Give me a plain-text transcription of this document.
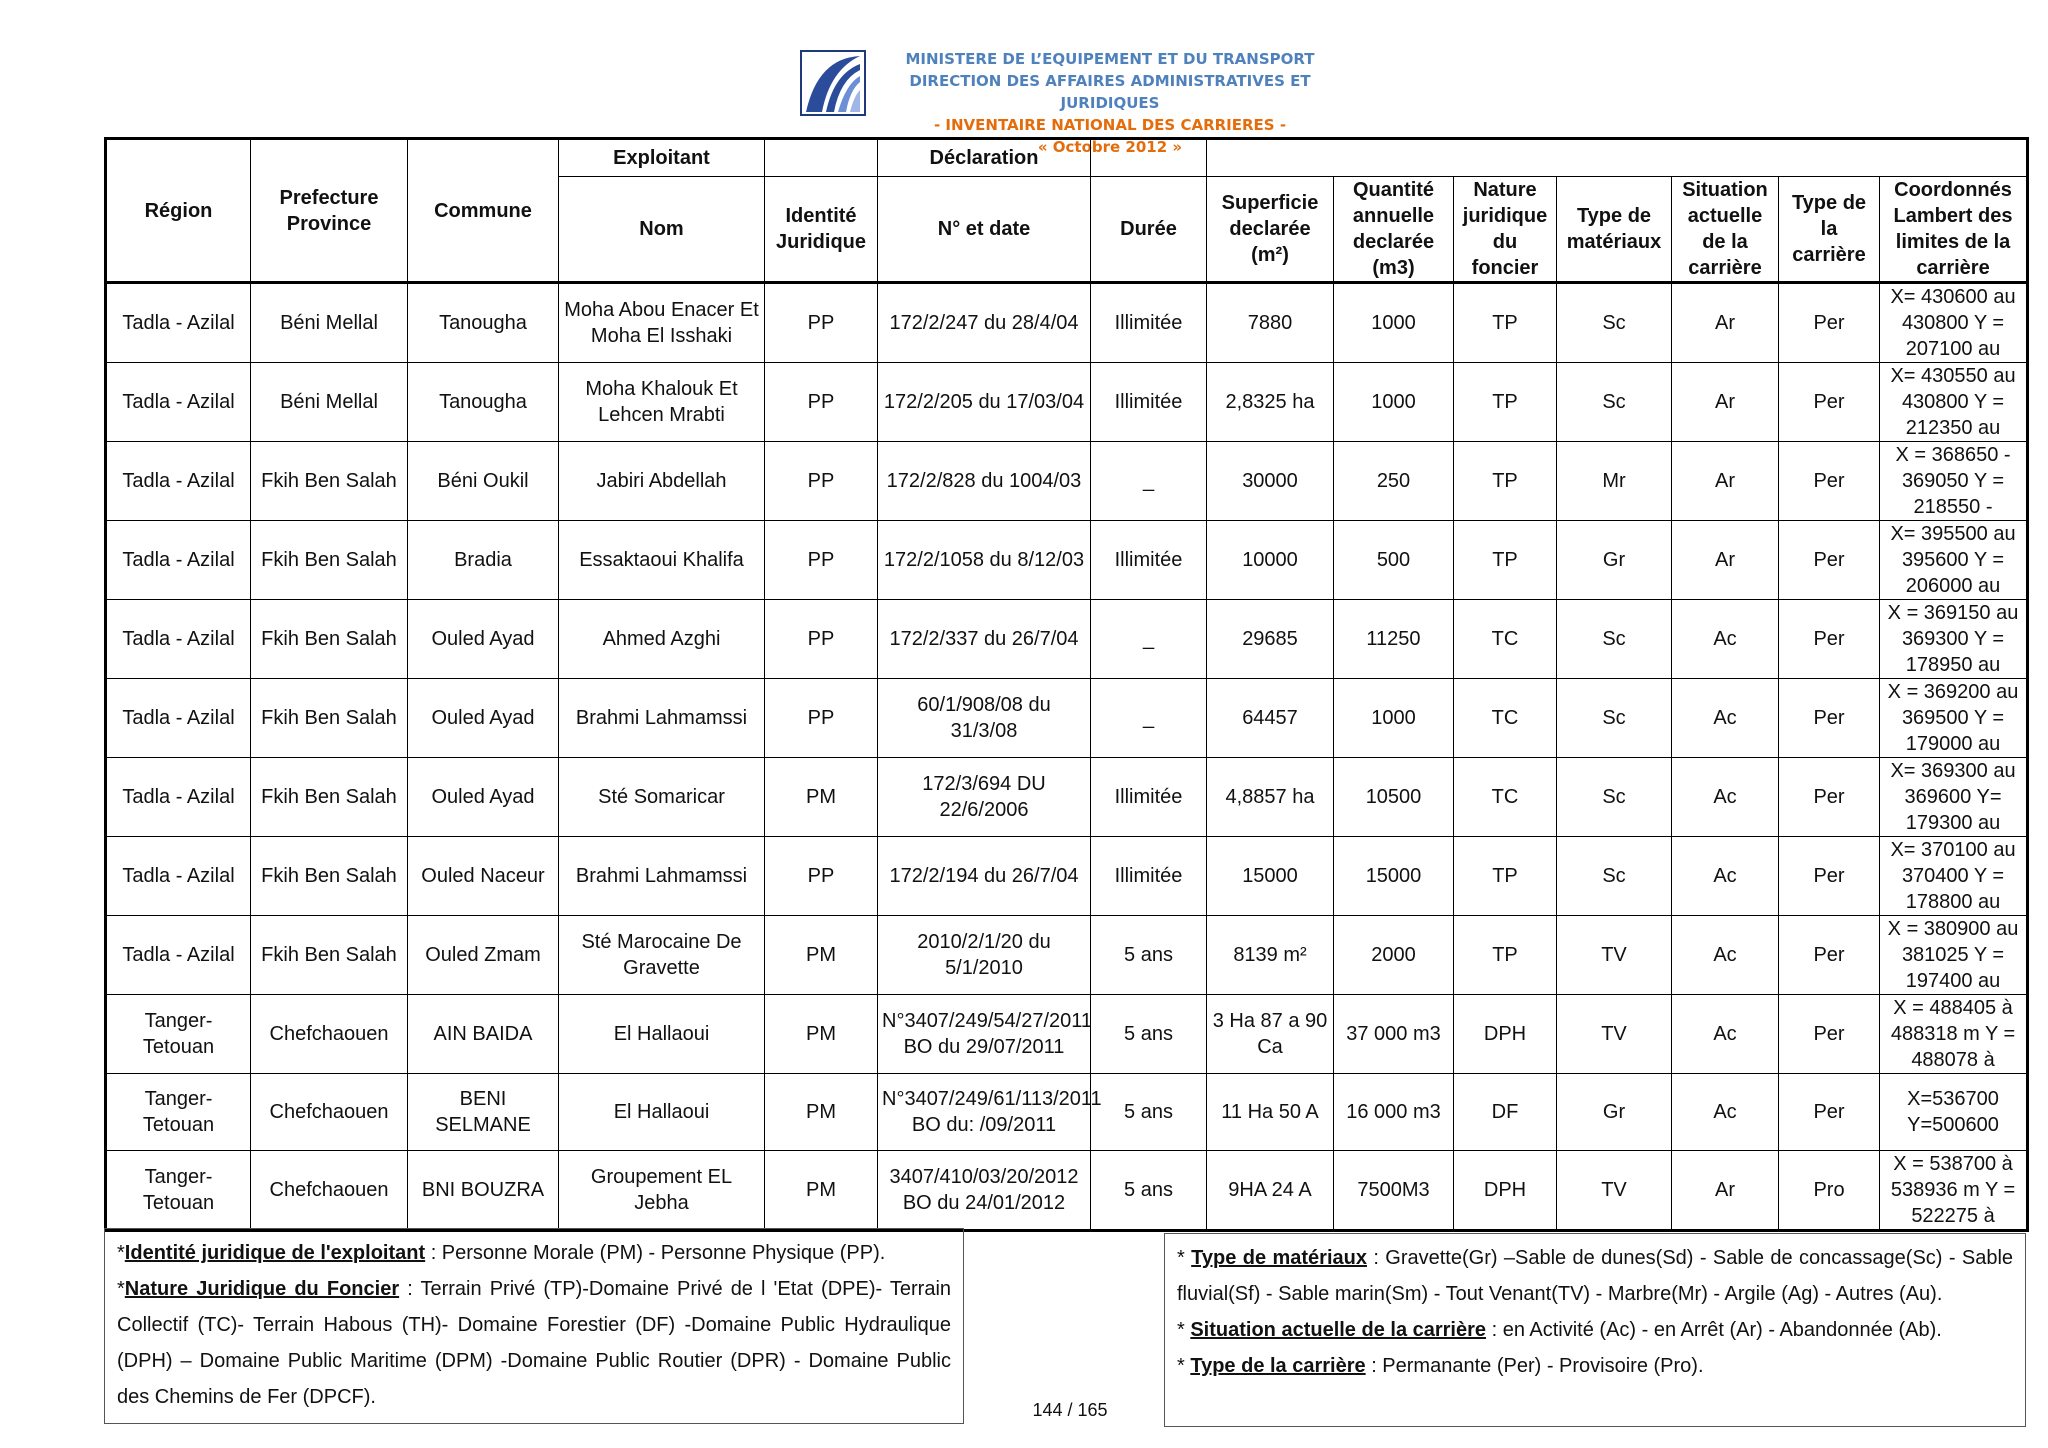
MINISTERE DE L’EQUIPEMENT ET DU TRANSPORT
DIRECTION DES AFFAIRES ADMINISTRATIVES ET JURIDIQUES
- INVENTAIRE NATIONAL DES CARRIERES -
« Octobre 2012 »
Région	Prefecture Province	Commune	Exploitant		Déclaration								
			Nom	Identité Juridique	N° et date	Durée	Superficie declarée (m²)	Quantité annuelle declarée (m3)	Nature juridique du foncier	Type de matériaux	Situation actuelle de la carrière	Type de la carrière	Coordonnés Lambert des limites de la carrière
Tadla - Azilal	Béni Mellal	Tanougha	Moha Abou Enacer Et Moha El Isshaki	PP	172/2/247 du 28/4/04	Illimitée	7880	1000	TP	Sc	Ar	Per	X= 430600 au 430800 Y = 207100 au
Tadla - Azilal	Béni Mellal	Tanougha	Moha Khalouk Et Lehcen Mrabti	PP	172/2/205 du 17/03/04	Illimitée	2,8325 ha	1000	TP	Sc	Ar	Per	X= 430550 au 430800 Y = 212350 au
Tadla - Azilal	Fkih Ben Salah	Béni Oukil	Jabiri Abdellah	PP	172/2/828 du 1004/03	_	30000	250	TP	Mr	Ar	Per	X = 368650 - 369050 Y = 218550 -
Tadla - Azilal	Fkih Ben Salah	Bradia	Essaktaoui Khalifa	PP	172/2/1058 du 8/12/03	Illimitée	10000	500	TP	Gr	Ar	Per	X= 395500 au 395600 Y = 206000 au
Tadla - Azilal	Fkih Ben Salah	Ouled Ayad	Ahmed Azghi	PP	172/2/337 du 26/7/04	_	29685	11250	TC	Sc	Ac	Per	X = 369150 au 369300 Y = 178950 au
Tadla - Azilal	Fkih Ben Salah	Ouled Ayad	Brahmi Lahmamssi	PP	60/1/908/08 du 31/3/08	_	64457	1000	TC	Sc	Ac	Per	X = 369200 au 369500 Y = 179000 au
Tadla - Azilal	Fkih Ben Salah	Ouled Ayad	Sté Somaricar	PM	172/3/694 DU 22/6/2006	Illimitée	4,8857 ha	10500	TC	Sc	Ac	Per	X= 369300 au 369600 Y= 179300 au
Tadla - Azilal	Fkih Ben Salah	Ouled Naceur	Brahmi Lahmamssi	PP	172/2/194 du 26/7/04	Illimitée	15000	15000	TP	Sc	Ac	Per	X= 370100 au 370400 Y = 178800 au
Tadla - Azilal	Fkih Ben Salah	Ouled Zmam	Sté Marocaine De Gravette	PM	2010/2/1/20 du 5/1/2010	5 ans	8139 m²	2000	TP	TV	Ac	Per	X = 380900 au 381025 Y = 197400 au
Tanger-Tetouan	Chefchaouen	AIN BAIDA	El Hallaoui	PM	N°3407/249/54/27/2011 BO du 29/07/2011	5 ans	3 Ha 87 a 90 Ca	37 000 m3	DPH	TV	Ac	Per	X = 488405 à 488318 m Y = 488078 à
Tanger-Tetouan	Chefchaouen	BENI SELMANE	El Hallaoui	PM	N°3407/249/61/113/2011 BO du: /09/2011	5 ans	11 Ha 50 A	16 000 m3	DF	Gr	Ac	Per	X=536700 Y=500600
Tanger-Tetouan	Chefchaouen	BNI BOUZRA	Groupement EL Jebha	PM	3407/410/03/20/2012 BO du 24/01/2012	5 ans	9HA 24 A	7500M3	DPH	TV	Ar	Pro	X = 538700 à 538936 m Y = 522275 à
*Identité juridique de l'exploitant : Personne Morale (PM) - Personne Physique (PP).
*Nature Juridique du Foncier : Terrain Privé (TP)-Domaine Privé de l 'Etat (DPE)- Terrain Collectif (TC)- Terrain Habous (TH)- Domaine Forestier (DF) -Domaine Public Hydraulique (DPH) – Domaine Public Maritime (DPM) -Domaine Public Routier (DPR) - Domaine Public des Chemins de Fer (DPCF).
* Type de matériaux : Gravette(Gr) –Sable de dunes(Sd) - Sable de concassage(Sc) - Sable fluvial(Sf) - Sable marin(Sm) - Tout Venant(TV) - Marbre(Mr) - Argile (Ag) - Autres (Au).
* Situation actuelle de la carrière : en Activité (Ac) - en Arrêt (Ar) - Abandonnée (Ab).
* Type de la carrière : Permanante (Per) - Provisoire (Pro).
144 / 165
